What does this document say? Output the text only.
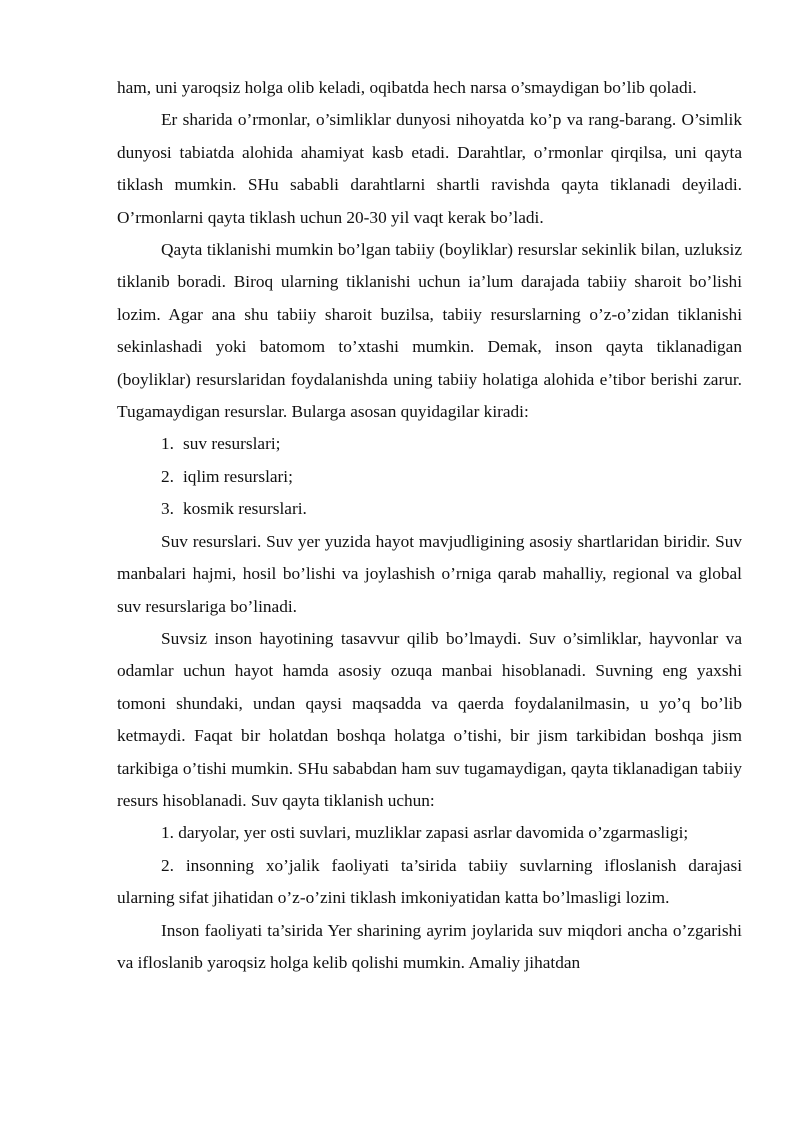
ham, uni yaroqsiz holga olib keladi, oqibatda hech narsa o’smaydigan bo’lib qoladi.

Er sharida o’rmonlar, o’simliklar dunyosi nihoyatda ko’p va rang-barang. O’simlik dunyosi tabiatda alohida ahamiyat kasb etadi. Darahtlar, o’rmonlar qirqilsa, uni qayta tiklash mumkin. SHu sababli darahtlarni shartli ravishda qayta tiklanadi deyiladi. O’rmonlarni qayta tiklash uchun 20-30 yil vaqt kerak bo’ladi.

Qayta tiklanishi mumkin bo’lgan tabiiy (boyliklar) resurslar sekinlik bilan, uzluksiz tiklanib boradi. Biroq ularning tiklanishi uchun ia’lum darajada tabiiy sharoit bo’lishi lozim. Agar ana shu tabiiy sharoit buzilsa, tabiiy resurslarning o’z-o’zidan tiklanishi sekinlashadi yoki batomom to’xtashi mumkin. Demak, inson qayta tiklanadigan (boyliklar) resurslaridan foydalanishda uning tabiiy holatiga alohida e’tibor berishi zarur. Tugamaydigan resurslar. Bularga asosan quyidagilar kiradi:

1. suv resurslari;

2. iqlim resurslari;

3. kosmik resurslari.

Suv resurslari. Suv yer yuzida hayot mavjudligining asosiy shartlaridan biridir. Suv manbalari hajmi, hosil bo’lishi va joylashish o’rniga qarab mahalliy, regional va global suv resurslariga bo’linadi.

Suvsiz inson hayotining tasavvur qilib bo’lmaydi. Suv o’simliklar, hayvonlar va odamlar uchun hayot hamda asosiy ozuqa manbai hisoblanadi. Suvning eng yaxshi tomoni shundaki, undan qaysi maqsadda va qaerda foydalanilmasin, u yo’q bo’lib ketmaydi. Faqat bir holatdan boshqa holatga o’tishi, bir jism tarkibidan boshqa jism tarkibiga o’tishi mumkin. SHu sababdan ham suv tugamaydigan, qayta tiklanadigan tabiiy resurs hisoblanadi. Suv qayta tiklanish uchun:

1. daryolar, yer osti suvlari, muzliklar zapasi asrlar davomida o’zgarmasligi;

2. insonning xo’jalik faoliyati ta’sirida tabiiy suvlarning ifloslanish darajasi ularning sifat jihatidan o’z-o’zini tiklash imkoniyatidan katta bo’lmasligi lozim.

Inson faoliyati ta’sirida Yer sharining ayrim joylarida suv miqdori ancha o’zgarishi va ifloslanib yaroqsiz holga kelib qolishi mumkin. Amaliy jihatdan
